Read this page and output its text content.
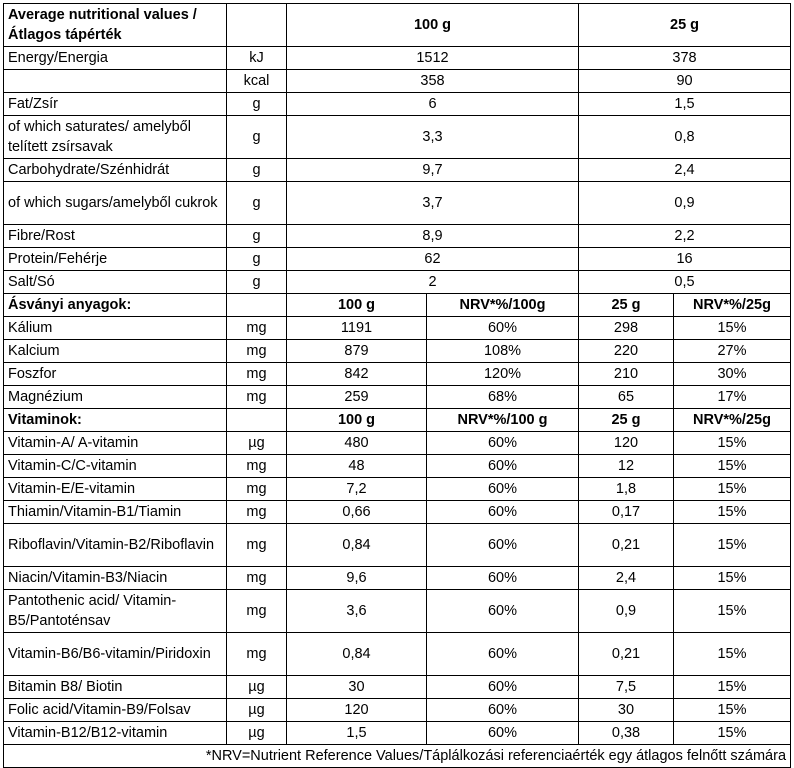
Average nutritional values / Átlagos tápérték		100 g		25 g	
Energy/Energia	kJ	1512		378	
	kcal	358		90	
Fat/Zsír	g	6		1,5	
of which saturates/ amelyből telített zsírsavak	g	3,3		0,8	
Carbohydrate/Szénhidrát	g	9,7		2,4	
of which sugars/amelyből cukrok	g	3,7		0,9	
Fibre/Rost	g	8,9		2,2	
Protein/Fehérje	g	62		16	
Salt/Só	g	2		0,5	
Ásványi anyagok:		100 g	NRV*%/100g	25 g	NRV*%/25g
Kálium	mg	1191	60%	298	15%
Kalcium	mg	879	108%	220	27%
Foszfor	mg	842	120%	210	30%
Magnézium	mg	259	68%	65	17%
Vitaminok:		100 g	NRV*%/100 g	25 g	NRV*%/25g
Vitamin-A/ A-vitamin	µg	480	60%	120	15%
Vitamin-C/C-vitamin	mg	48	60%	12	15%
Vitamin-E/E-vitamin	mg	7,2	60%	1,8	15%
Thiamin/Vitamin-B1/Tiamin	mg	0,66	60%	0,17	15%
Riboflavin/Vitamin-B2/Riboflavin	mg	0,84	60%	0,21	15%
Niacin/Vitamin-B3/Niacin	mg	9,6	60%	2,4	15%
Pantothenic acid/ Vitamin-B5/Pantoténsav	mg	3,6	60%	0,9	15%
Vitamin-B6/B6-vitamin/Piridoxin	mg	0,84	60%	0,21	15%
Bitamin B8/ Biotin	µg	30	60%	7,5	15%
Folic acid/Vitamin-B9/Folsav	µg	120	60%	30	15%
Vitamin-B12/B12-vitamin	µg	1,5	60%	0,38	15%
*NRV=Nutrient Reference Values/Táplálkozási referenciaérték egy átlagos felnőtt számára					
